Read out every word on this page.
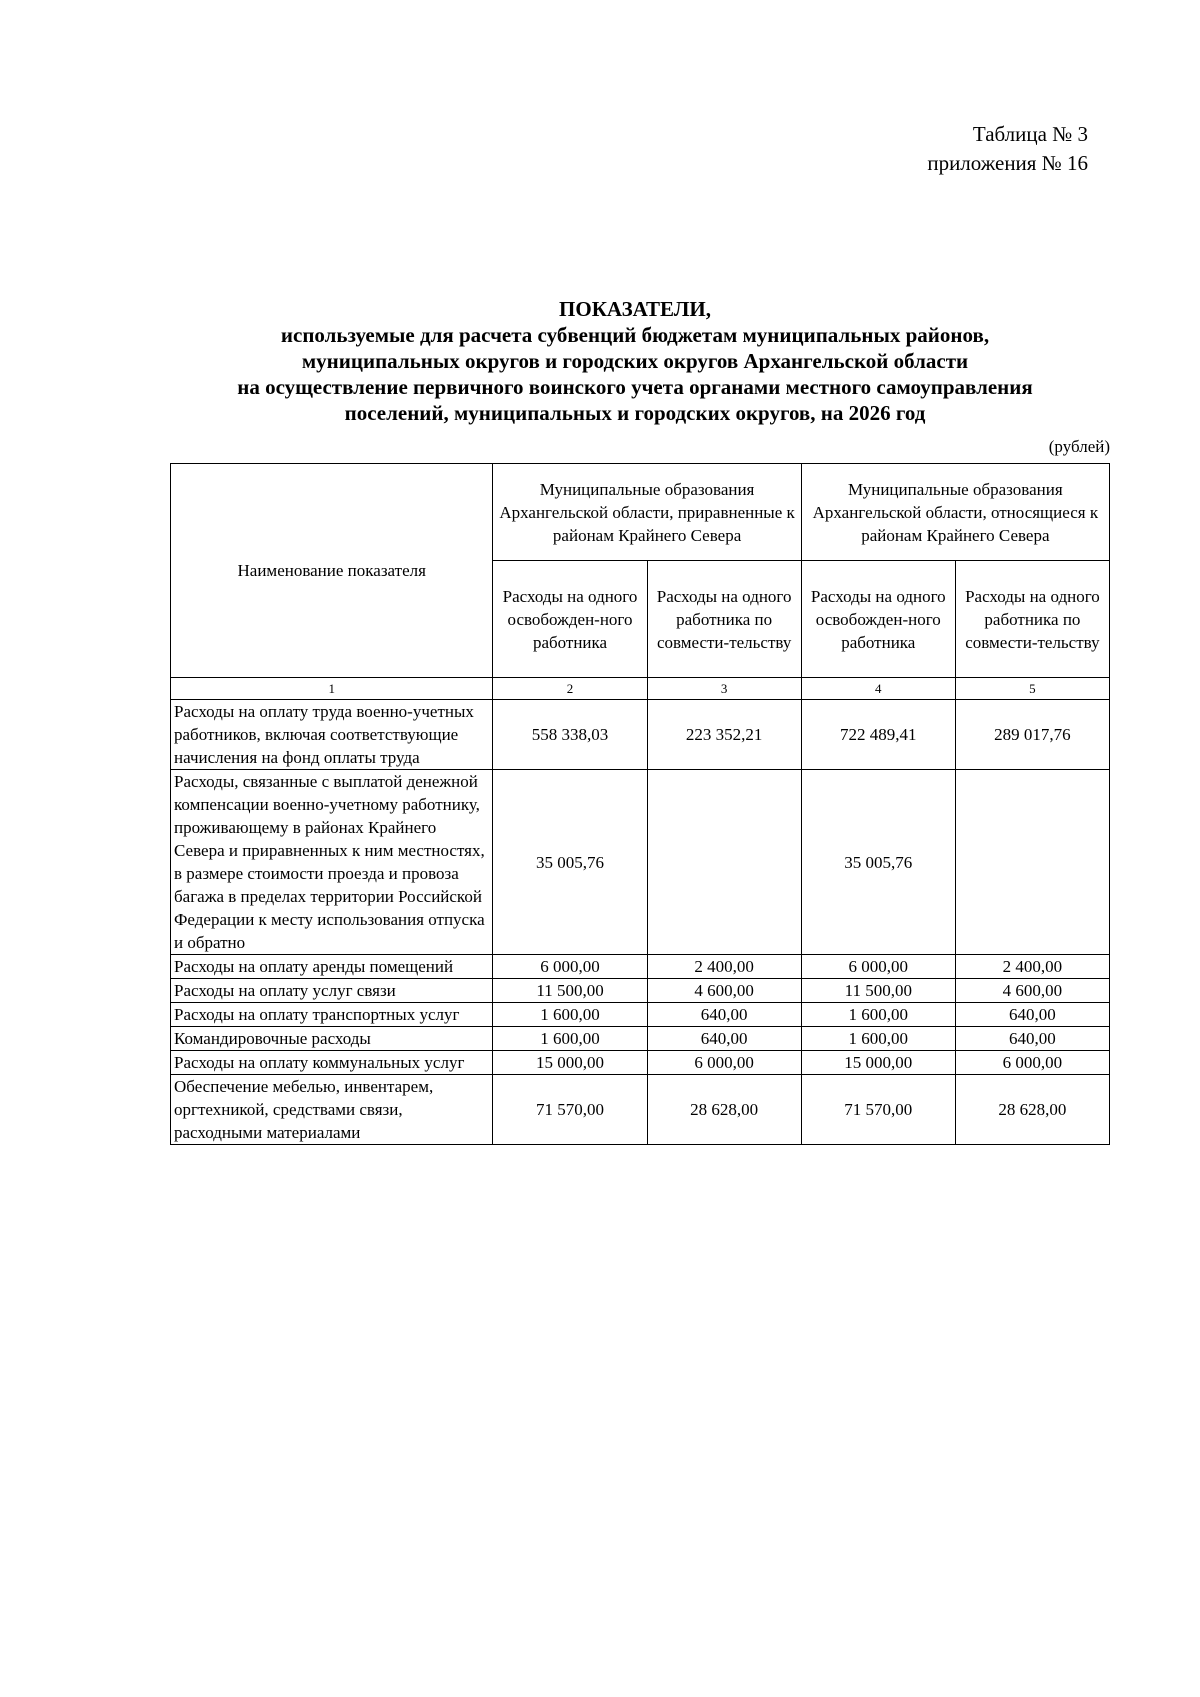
Таблица № 3
приложения № 16
ПОКАЗАТЕЛИ,
используемые для расчета субвенций бюджетам муниципальных районов,
муниципальных округов и городских округов Архангельской области
на осуществление первичного воинского учета органами местного самоуправления
поселений, муниципальных и городских округов, на 2026 год
(рублей)
Наименование показателя	Муниципальные образования Архангельской области, приравненные к районам Крайнего Севера		Муниципальные образования Архангельской области, относящиеся к районам Крайнего Севера	
	Расходы на одного освобожден-ного работника	Расходы на одного работника по совмести-тельству	Расходы на одного освобожден-ного работника	Расходы на одного работника по совмести-тельству
1	2	3	4	5
Расходы на оплату труда военно-учетных работников, включая соответствующие начисления на фонд оплаты труда	558 338,03	223 352,21	722 489,41	289 017,76
Расходы, связанные с выплатой денежной компенсации военно-учетному работнику, проживающему в районах Крайнего Севера и приравненных к ним местностях, в размере стоимости проезда и провоза багажа в пределах территории Российской Федерации к месту использования отпуска и обратно	35 005,76		35 005,76	
Расходы на оплату аренды помещений	6 000,00	2 400,00	6 000,00	2 400,00
Расходы на оплату услуг связи	11 500,00	4 600,00	11 500,00	4 600,00
Расходы на оплату транспортных услуг	1 600,00	640,00	1 600,00	640,00
Командировочные расходы	1 600,00	640,00	1 600,00	640,00
Расходы на оплату коммунальных услуг	15 000,00	6 000,00	15 000,00	6 000,00
Обеспечение мебелью, инвентарем, оргтехникой, средствами связи, расходными материалами	71 570,00	28 628,00	71 570,00	28 628,00
